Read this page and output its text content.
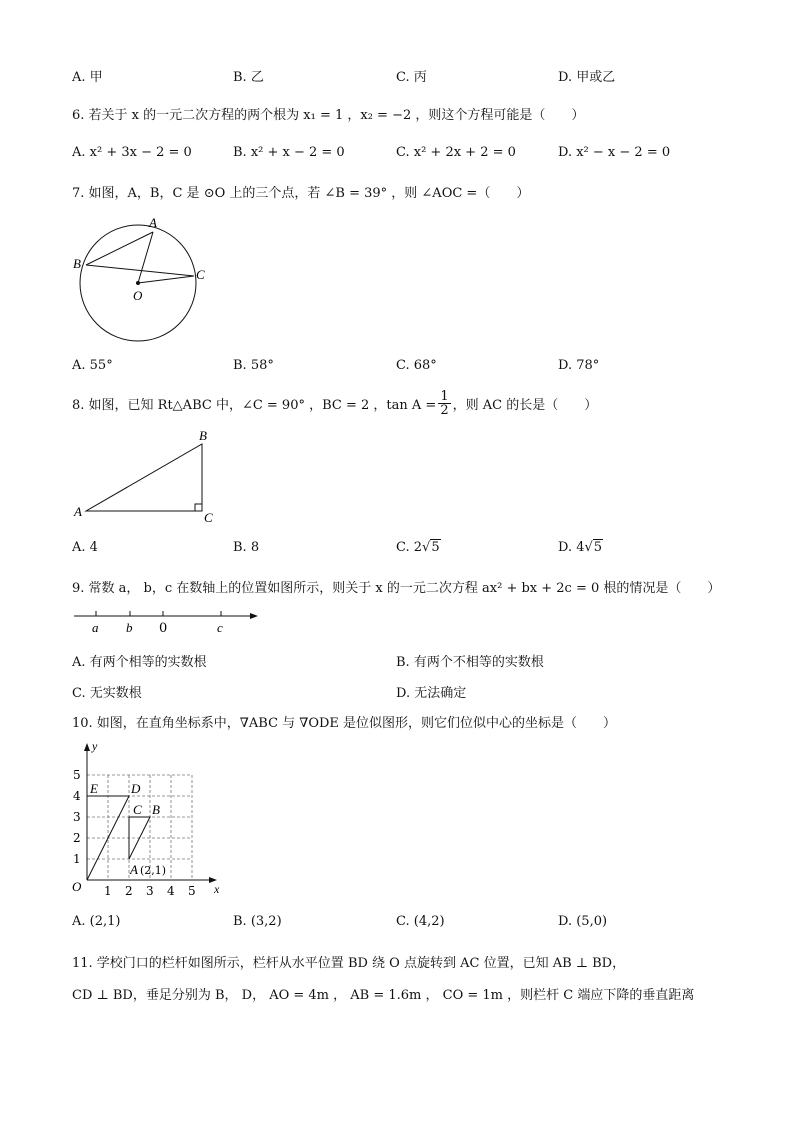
A. 甲	B. 乙	C. 丙	D. 甲或乙
6. 若关于 x 的一元二次方程的两个根为 x₁ = 1 ，x₂ = −2 ，则这个方程可能是（　　）
A. x² + 3x − 2 = 0	B. x² + x − 2 = 0	C. x² + 2x + 2 = 0	D. x² − x − 2 = 0
7. 如图，A，B，C 是 ⊙O 上的三个点，若 ∠B = 39° ，则 ∠AOC =（　　）
A
B
C
O
A. 55°	B. 58°	C. 68°	D. 78°
8. 如图，已知 Rt△ABC 中，∠C = 90° ，BC = 2 ，$\tan A = \frac{1}{2}$ ，则 AC 的长是（　　）
B
A	C
A. 4	B. 8	C. 2√5	D. 4√5
9. 常数 a， b，c 在数轴上的位置如图所示，则关于 x 的一元二次方程 ax² + bx + 2c = 0 根的情况是（　　）
a b 0	c
A. 有两个相等的实数根	B. 有两个不相等的实数根
C. 无实数根	D. 无法确定
10. 如图，在直角坐标系中，∇ABC 与 ∇ODE 是位似图形，则它们位似中心的坐标是（　　）
y
x
O
1
2
3
4
5
1 2 3 4 5
E	D
C B
A (2,1)
A. (2,1)	B. (3,2)	C. (4,2)	D. (5,0)
11. 学校门口的栏杆如图所示，栏杆从水平位置 BD 绕 O 点旋转到 AC 位置，已知 AB ⊥ BD，
CD ⊥ BD，垂足分别为 B， D， AO = 4m ， AB = 1.6m ， CO = 1m ，则栏杆 C 端应下降的垂直距离
